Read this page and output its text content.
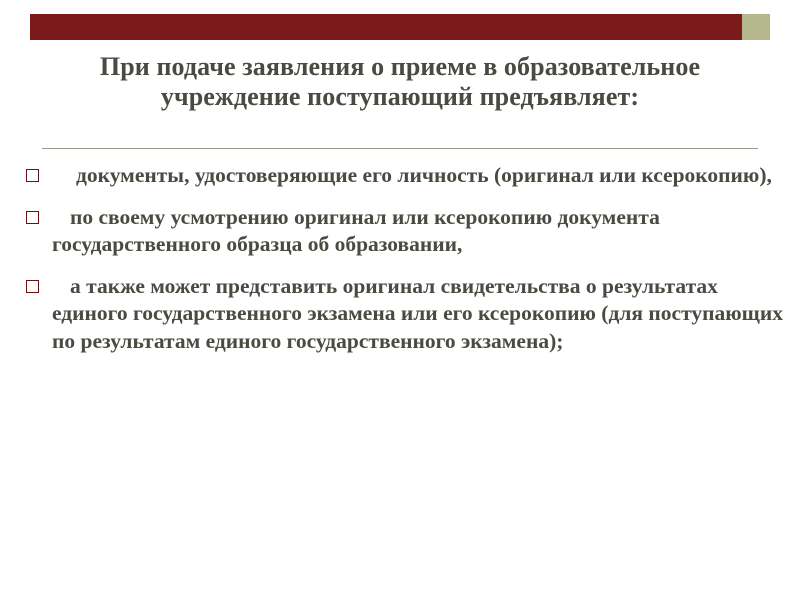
При подаче заявления о приеме в образовательное учреждение поступающий предъявляет:
документы, удостоверяющие его личность (оригинал или ксерокопию),
по своему усмотрению оригинал или ксерокопию документа государственного образца об образовании,
а также может представить оригинал свидетельства о результатах единого государственного экзамена или его ксерокопию (для поступающих по результатам единого государственного экзамена);
